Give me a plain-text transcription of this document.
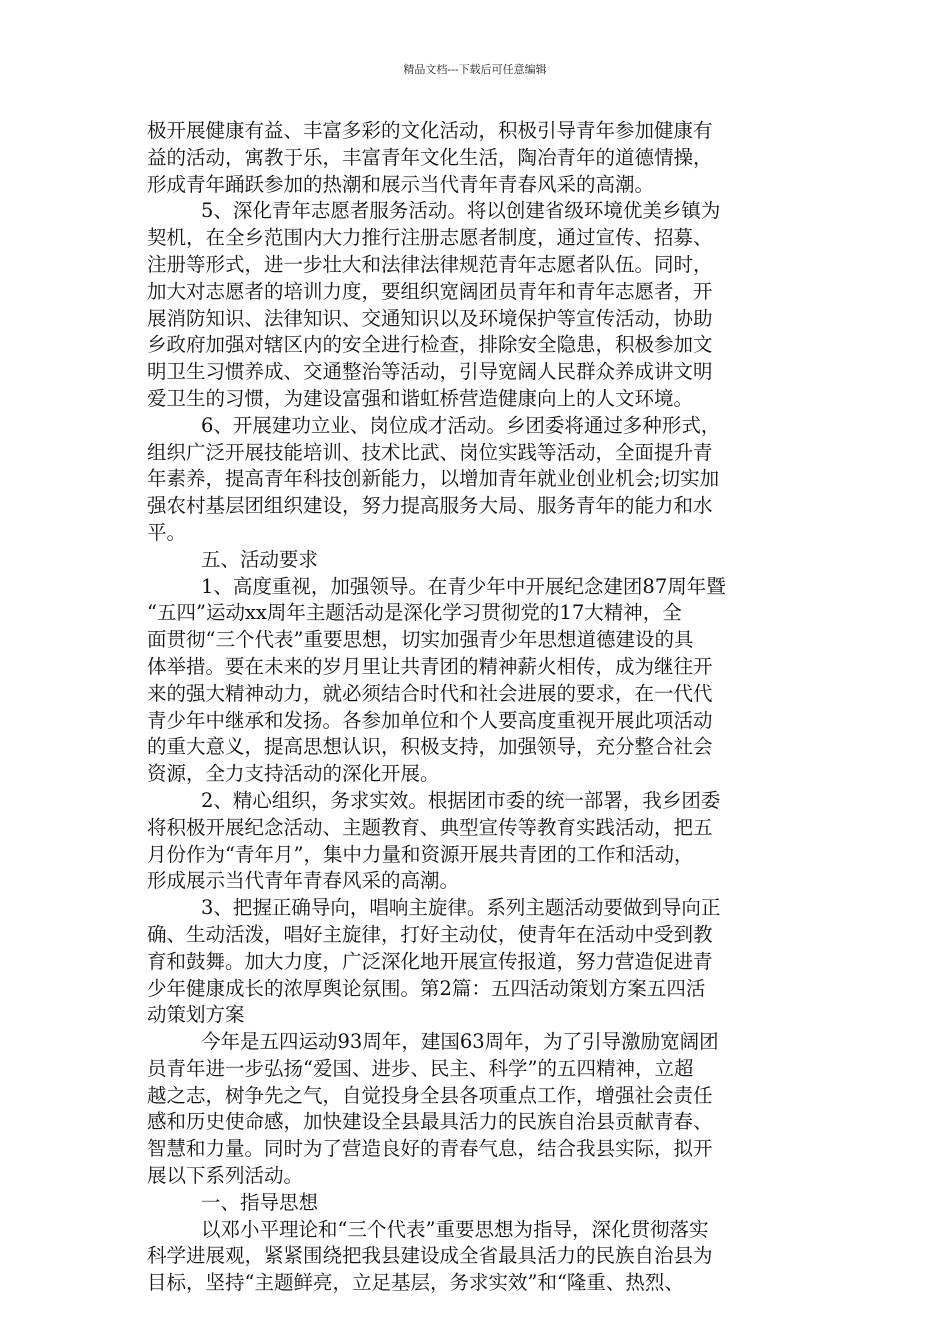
精品文档---下载后可任意编辑
极开展健康有益、丰富多彩的文化活动，积极引导青年参加健康有
益的活动，寓教于乐，丰富青年文化生活，陶冶青年的道德情操，
形成青年踊跃参加的热潮和展示当代青年青春风采的高潮。
5、深化青年志愿者服务活动。将以创建省级环境优美乡镇为
契机，在全乡范围内大力推行注册志愿者制度，通过宣传、招募、
注册等形式，进一步壮大和法律法律规范青年志愿者队伍。同时，
加大对志愿者的培训力度，要组织宽阔团员青年和青年志愿者，开
展消防知识、法律知识、交通知识以及环境保护等宣传活动，协助
乡政府加强对辖区内的安全进行检查，排除安全隐患，积极参加文
明卫生习惯养成、交通整治等活动，引导宽阔人民群众养成讲文明
爱卫生的习惯，为建设富强和谐虹桥营造健康向上的人文环境。
6、开展建功立业、岗位成才活动。乡团委将通过多种形式，
组织广泛开展技能培训、技术比武、岗位实践等活动，全面提升青
年素养，提高青年科技创新能力，以增加青年就业创业机会;切实加
强农村基层团组织建设，努力提高服务大局、服务青年的能力和水
平。
五、活动要求
1、高度重视，加强领导。在青少年中开展纪念建团87周年暨
“五四”运动xx周年主题活动是深化学习贯彻党的17大精神，全
面贯彻“三个代表”重要思想，切实加强青少年思想道德建设的具
体举措。要在未来的岁月里让共青团的精神薪火相传，成为继往开
来的强大精神动力，就必须结合时代和社会进展的要求，在一代代
青少年中继承和发扬。各参加单位和个人要高度重视开展此项活动
的重大意义，提高思想认识，积极支持，加强领导，充分整合社会
资源，全力支持活动的深化开展。
2、精心组织，务求实效。根据团市委的统一部署，我乡团委
将积极开展纪念活动、主题教育、典型宣传等教育实践活动，把五
月份作为“青年月”，集中力量和资源开展共青团的工作和活动，
形成展示当代青年青春风采的高潮。
3、把握正确导向，唱响主旋律。系列主题活动要做到导向正
确、生动活泼，唱好主旋律，打好主动仗，使青年在活动中受到教
育和鼓舞。加大力度，广泛深化地开展宣传报道，努力营造促进青
少年健康成长的浓厚舆论氛围。第2篇：五四活动策划方案五四活
动策划方案
今年是五四运动93周年，建国63周年，为了引导激励宽阔团
员青年进一步弘扬“爱国、进步、民主、科学”的五四精神，立超
越之志，树争先之气，自觉投身全县各项重点工作，增强社会责任
感和历史使命感，加快建设全县最具活力的民族自治县贡献青春、
智慧和力量。同时为了营造良好的青春气息，结合我县实际，拟开
展以下系列活动。
一、指导思想
以邓小平理论和“三个代表”重要思想为指导，深化贯彻落实
科学进展观，紧紧围绕把我县建设成全省最具活力的民族自治县为
目标，坚持“主题鲜亮，立足基层，务求实效”和“隆重、热烈、
